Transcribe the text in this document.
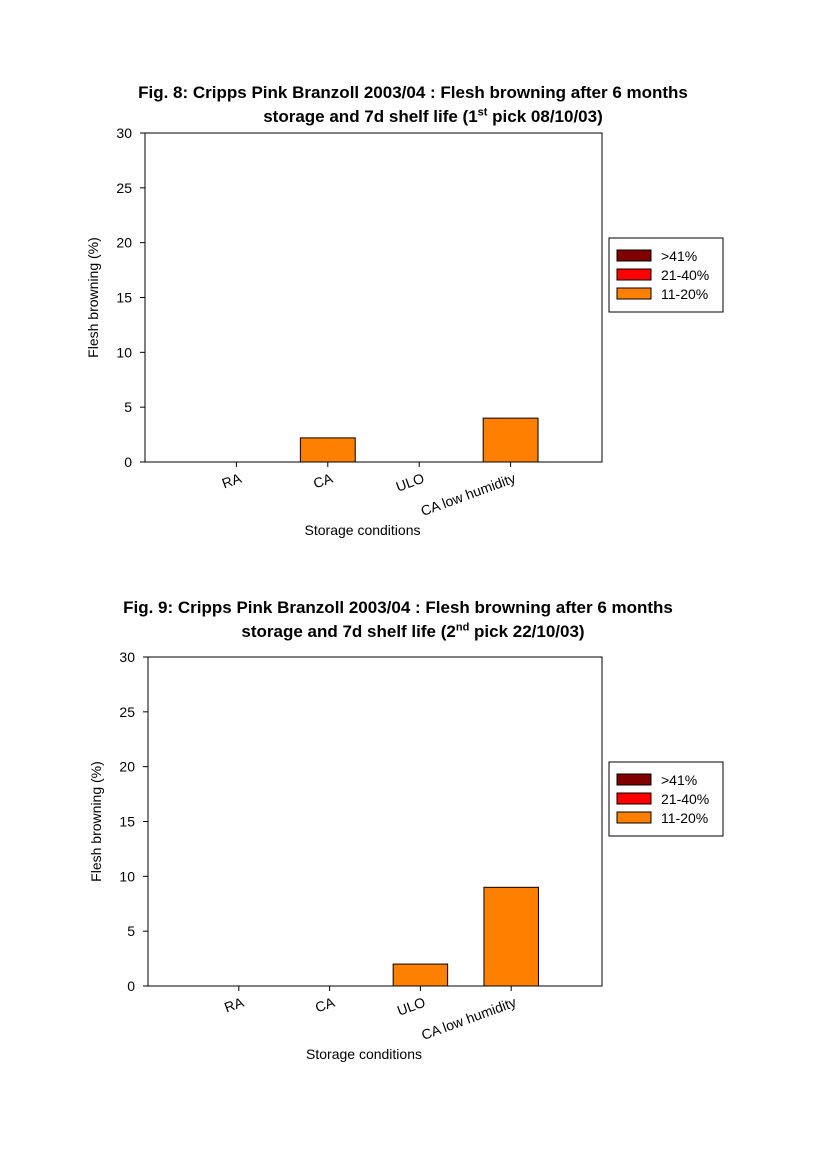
Fig. 8: Cripps Pink Branzoll 2003/04 : Flesh browning after 6 months
storage and 7d shelf life (1st pick 08/10/03)
0
5
10
15
20
25
30
Flesh browning (%)
RA	CA	ULO
CA low humidity
Storage conditions
>41%
21-40%
11-20%
Fig. 9: Cripps Pink Branzoll 2003/04 : Flesh browning after 6 months
storage and 7d shelf life (2nd pick 22/10/03)
0
5
10
15
20
25
30
Flesh browning (%)
RA	CA	ULO
CA low humidity
Storage conditions
>41%
21-40%
11-20%
